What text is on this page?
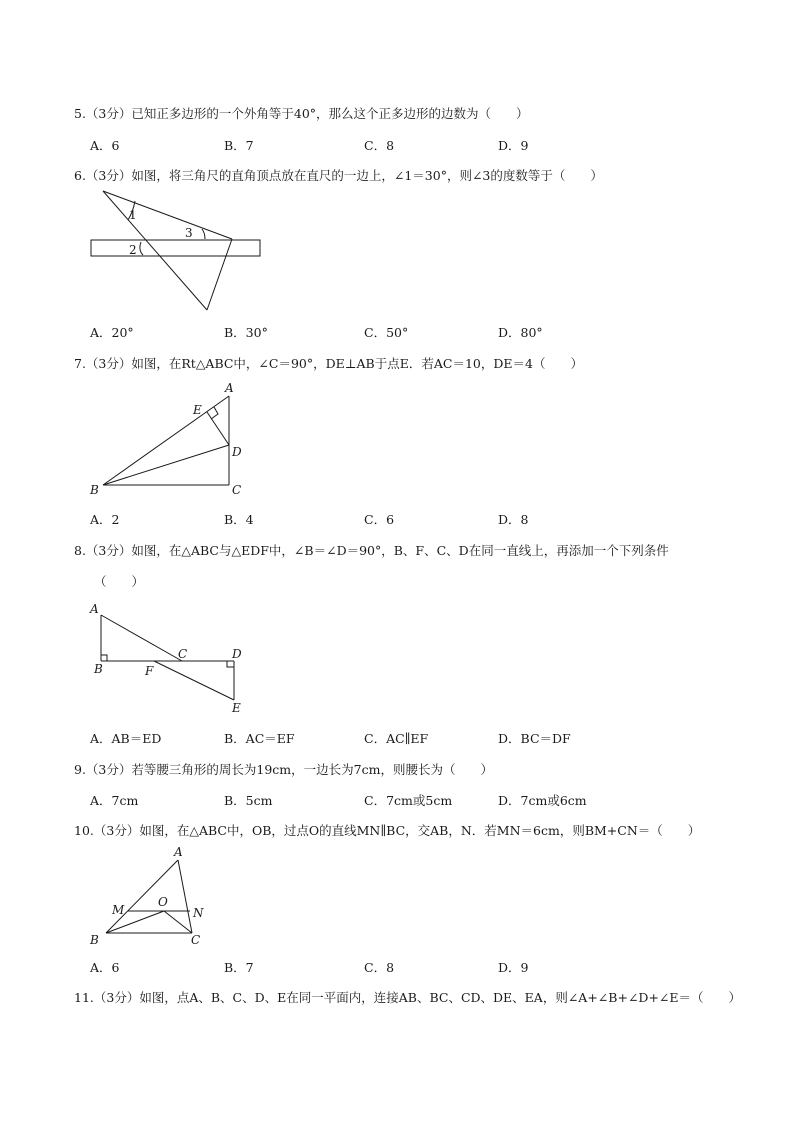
5.（3分）已知正多边形的一个外角等于40°，那么这个正多边形的边数为（　　）
A．6	B．7	C．8	D．9
6.（3分）如图，将三角尺的直角顶点放在直尺的一边上，∠1＝30°，则∠3的度数等于（　　）
1
2
3
A．20°	B．30°	C．50°	D．80°
7.（3分）如图，在Rt△ABC中，∠C＝90°，DE⊥AB于点E．若AC＝10，DE＝4（　　）
A
E
D
B	C
A．2	B．4	C．6	D．8
8.（3分）如图，在△ABC与△EDF中，∠B＝∠D＝90°，B、F、C、D在同一直线上，再添加一个下列条件
（　　）
A
B	F
C	D
E
A．AB＝ED	B．AC＝EF	C．AC∥EF	D．BC＝DF
9.（3分）若等腰三角形的周长为19cm，一边长为7cm，则腰长为（　　）
A．7cm	B．5cm	C．7cm或5cm	D．7cm或6cm
10.（3分）如图，在△ABC中，OB，过点O的直线MN∥BC，交AB，N．若MN＝6cm，则BM+CN＝（　　）
A
M
O
N
B	C
A．6	B．7	C．8	D．9
11.（3分）如图，点A、B、C、D、E在同一平面内，连接AB、BC、CD、DE、EA，则∠A+∠B+∠D+∠E＝（　　）
